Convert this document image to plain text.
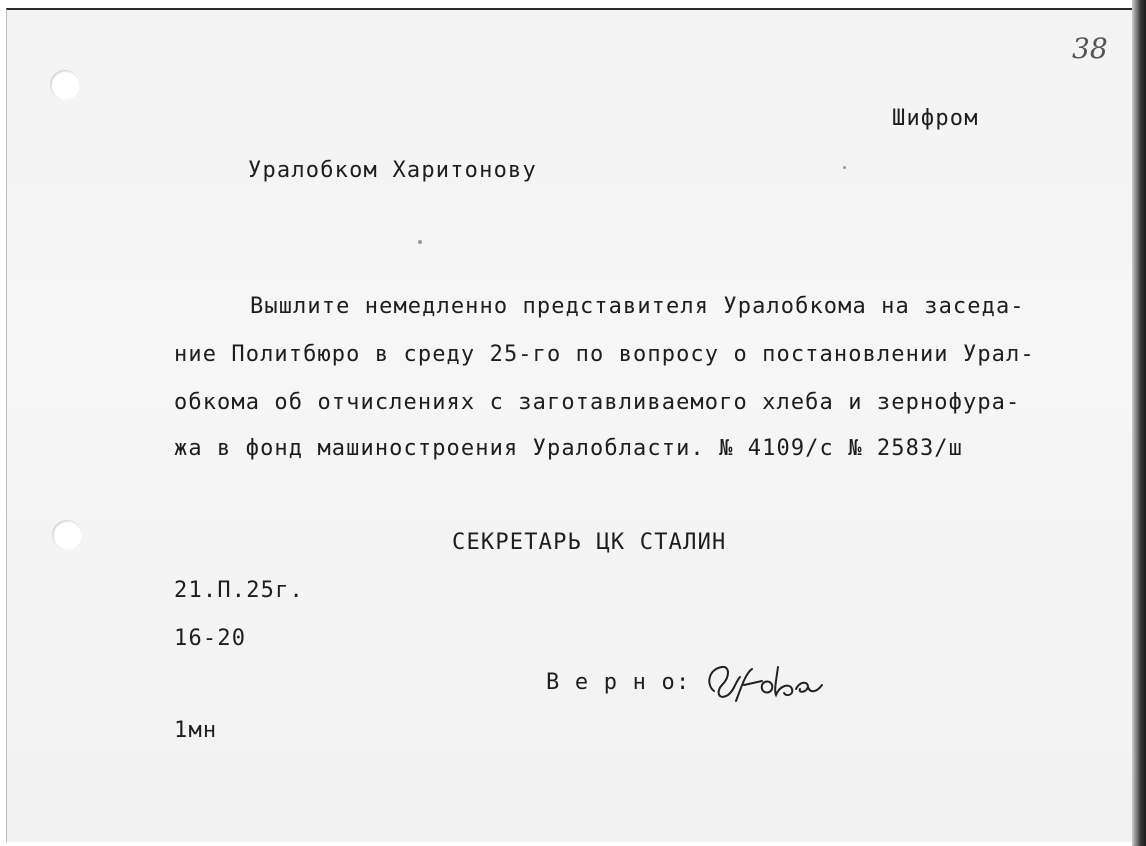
38
Шифром
Уралобком Харитонову
Вышлите немедленно представителя Уралобкома на заседа-
ние Политбюро в среду 25-го по вопросу о постановлении Урал-
обкома об отчислениях с заготавливаемого хлеба и зернофура-
жа в фонд машиностроения Уралобласти. № 4109/с № 2583/ш
СЕКРЕТАРЬ ЦК СТАЛИН
21.П.25г.
16-20
В е р н о:
1мн
